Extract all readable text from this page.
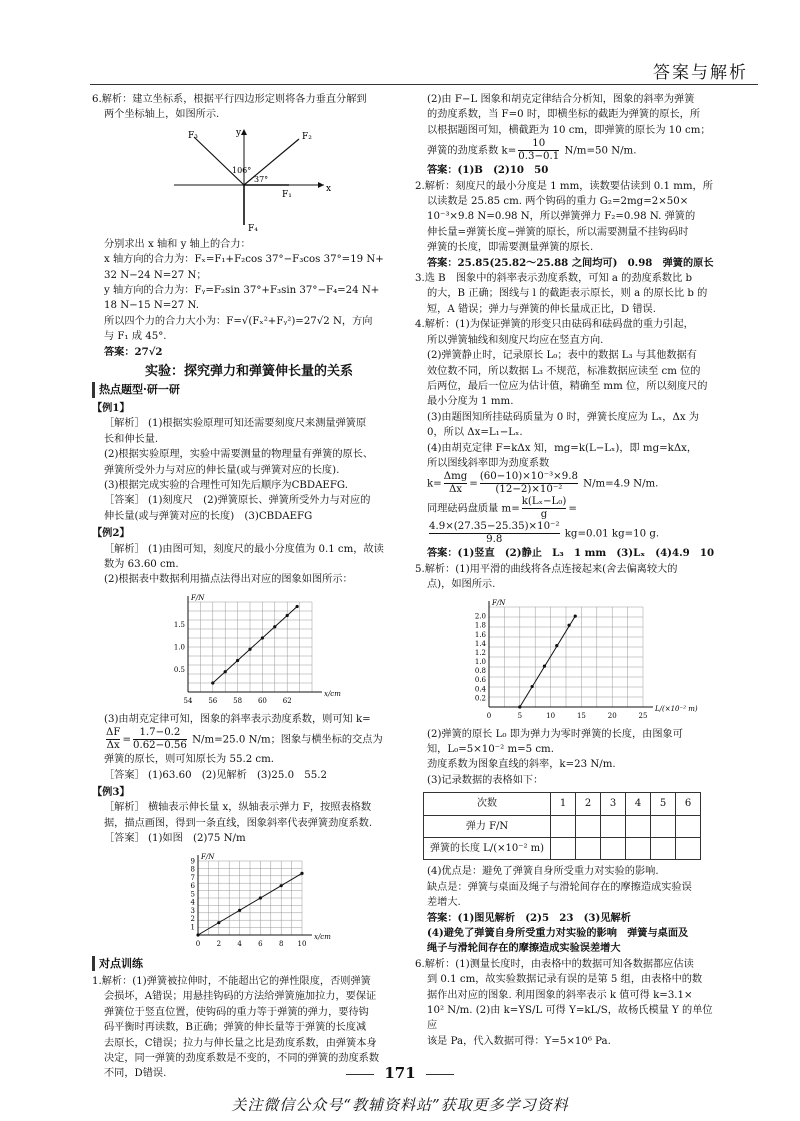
答案与解析

6.解析：建立坐标系，根据平行四边形定则将各力垂直分解到

两个坐标轴上，如图所示.

F₃	F₂
F₁
F₄
x
y
106°
37°

分别求出 x 轴和 y 轴上的合力：

x 轴方向的合力为：Fₓ=F₁+F₂cos 37°−F₃cos 37°=19 N+

32 N−24 N=27 N；

y 轴方向的合力为：Fᵧ=F₂sin 37°+F₃sin 37°−F₄=24 N+

18 N−15 N=27 N.

所以四个力的合力大小为：F=√(Fₓ²+Fᵧ²)=27√2 N，方向

与 F₁ 成 45°.

答案：27√2

实验：探究弹力和弹簧伸长量的关系
热点题型·研一研
【例1】

［解析］ (1)根据实验原理可知还需要刻度尺来测量弹簧原

长和伸长量.

(2)根据实验原理，实验中需要测量的物理量有弹簧的原长、

弹簧所受外力与对应的伸长量(或与弹簧对应的长度).

(3)根据完成实验的合理性可知先后顺序为CBDAEFG.

［答案］ (1)刻度尺　(2)弹簧原长、弹簧所受外力与对应的

伸长量(或与弹簧对应的长度)　(3)CBDAEFG

【例2】

［解析］ (1)由图可知，刻度尺的最小分度值为 0.1 cm，故读

数为 63.60 cm.

(2)根据表中数据利用描点法得出对应的图象如图所示：

54 56 58 60 62
0.5
1.0
1.5
x/cm
F/N

(3)由胡克定律可知，图象的斜率表示劲度系数，则可知 k=

$\frac{\Delta F}{\Delta x} = \frac{1.7-0.2}{0.62-0.56} N/m=25.0$ N/m；图象与横坐标的交点为

弹簧的原长，则可知原长为 55.2 cm.

［答案］ (1)63.60　(2)见解析　(3)25.0　55.2

【例3】

［解析］ 横轴表示伸长量 x，纵轴表示弹力 F，按照表格数

据，描点画图，得到一条直线，图象斜率代表弹簧劲度系数.

［答案］ (1)如图　(2)75 N/m

0 2 4 6 8 10
1
2
3
4
5
6
7
8
9
x/cm
F/N
对点训练

1.解析：(1)弹簧被拉伸时，不能超出它的弹性限度，否则弹簧

会损坏，A错误；用悬挂钩码的方法给弹簧施加拉力，要保证

弹簧位于竖直位置，使钩码的重力等于弹簧的弹力，要待钩

码平衡时再读数，B正确；弹簧的伸长量等于弹簧的长度减

去原长，C错误；拉力与伸长量之比是劲度系数，由弹簧本身

决定，同一弹簧的劲度系数是不变的，不同的弹簧的劲度系数

不同，D错误.

(2)由 F−L 图象和胡克定律结合分析知，图象的斜率为弹簧

的劲度系数，当 F=0 时，即横坐标的截距为弹簧的原长，所

以根据题图可知，横截距为 10 cm，即弹簧的原长为 10 cm；

弹簧的劲度系数 $k= \frac{10}{0.3-0.1} N/m=50$ N/m.

答案：(1)B　(2)10　50

2.解析：刻度尺的最小分度是 1 mm，读数要估读到 0.1 mm，所

以读数是 25.85 cm. 两个钩码的重力 G₂=2mg=2×50×

10⁻³×9.8 N=0.98 N，所以弹簧弹力 F₂=0.98 N. 弹簧的

伸长量=弹簧长度−弹簧的原长，所以需要测量不挂钩码时

弹簧的长度，即需要测量弹簧的原长.

答案：25.85(25.82～25.88 之间均可)　0.98　弹簧的原长

3.选 B　图象中的斜率表示劲度系数，可知 a 的劲度系数比 b

的大，B 正确；图线与 l 的截距表示原长，则 a 的原长比 b 的

短，A 错误；弹力与弹簧的伸长量成正比，D 错误.

4.解析：(1)为保证弹簧的形变只由砝码和砝码盘的重力引起，

所以弹簧轴线和刻度尺均应在竖直方向.

(2)弹簧静止时，记录原长 L₀；表中的数据 L₃ 与其他数据有

效位数不同，所以数据 L₃ 不规范，标准数据应读至 cm 位的

后两位，最后一位应为估计值，精确至 mm 位，所以刻度尺的

最小分度为 1 mm.

(3)由题图知所挂砝码质量为 0 时，弹簧长度应为 Lₓ，Δx 为

0，所以 Δx=L₁−Lₓ.

(4)由胡克定律 F=kΔx 知，mg=k(L−Lₓ)，即 mg=kΔx，

所以图线斜率即为劲度系数

$k= \frac{\text{Δmg}}{\Delta x} = \frac{\text{(60−10)×10⁻³×9.8}}{\text{(12−2)×10⁻²}} N/m=4.9$ N/m.

同理砝码盘质量 $m= \frac{\text{k(Lₓ−L₀)}}{g}$ =

$\frac{\text{4.9×(27.35−25.35)×10⁻²}}{9.8} kg=0.01$ kg=10 g.

答案：(1)竖直　(2)静止　L₃　1 mm　(3)Lₓ　(4)4.9　10

5.解析：(1)用平滑的曲线将各点连接起来(舍去偏离较大的

点)，如图所示.

0	5	10	15	20	25
0.2
0.4
0.6
0.8
1.0
1.2
1.4
1.6
1.8
2.0
L/(×10⁻² m)
F/N

(2)弹簧的原长 L₀ 即为弹力为零时弹簧的长度，由图象可

知，L₀=5×10⁻² m=5 cm.

劲度系数为图象直线的斜率，k=23 N/m.

(3)记录数据的表格如下：

次数	1	2	3	4	5	6
弹力 F/N						
弹簧的长度 L/(×10⁻² m)						

(4)优点是：避免了弹簧自身所受重力对实验的影响.

缺点是：弹簧与桌面及绳子与滑轮间存在的摩擦造成实验误

差增大.

答案：(1)图见解析　(2)5　23　(3)见解析

(4)避免了弹簧自身所受重力对实验的影响　弹簧与桌面及

绳子与滑轮间存在的摩擦造成实验误差增大

6.解析：(1)测量长度时，由表格中的数据可知各数据都应估读

到 0.1 cm，故实验数据记录有误的是第 5 组，由表格中的数

据作出对应的图象. 利用图象的斜率表示 k 值可得 k=3.1×

10² N/m. (2)由 k=YS/L 可得 Y=kL/S，故杨氏模量 Y 的单位应

该是 Pa，代入数据可得：Y=5×10⁶ Pa.

171
关注微信公众号“教辅资料站”获取更多学习资料
